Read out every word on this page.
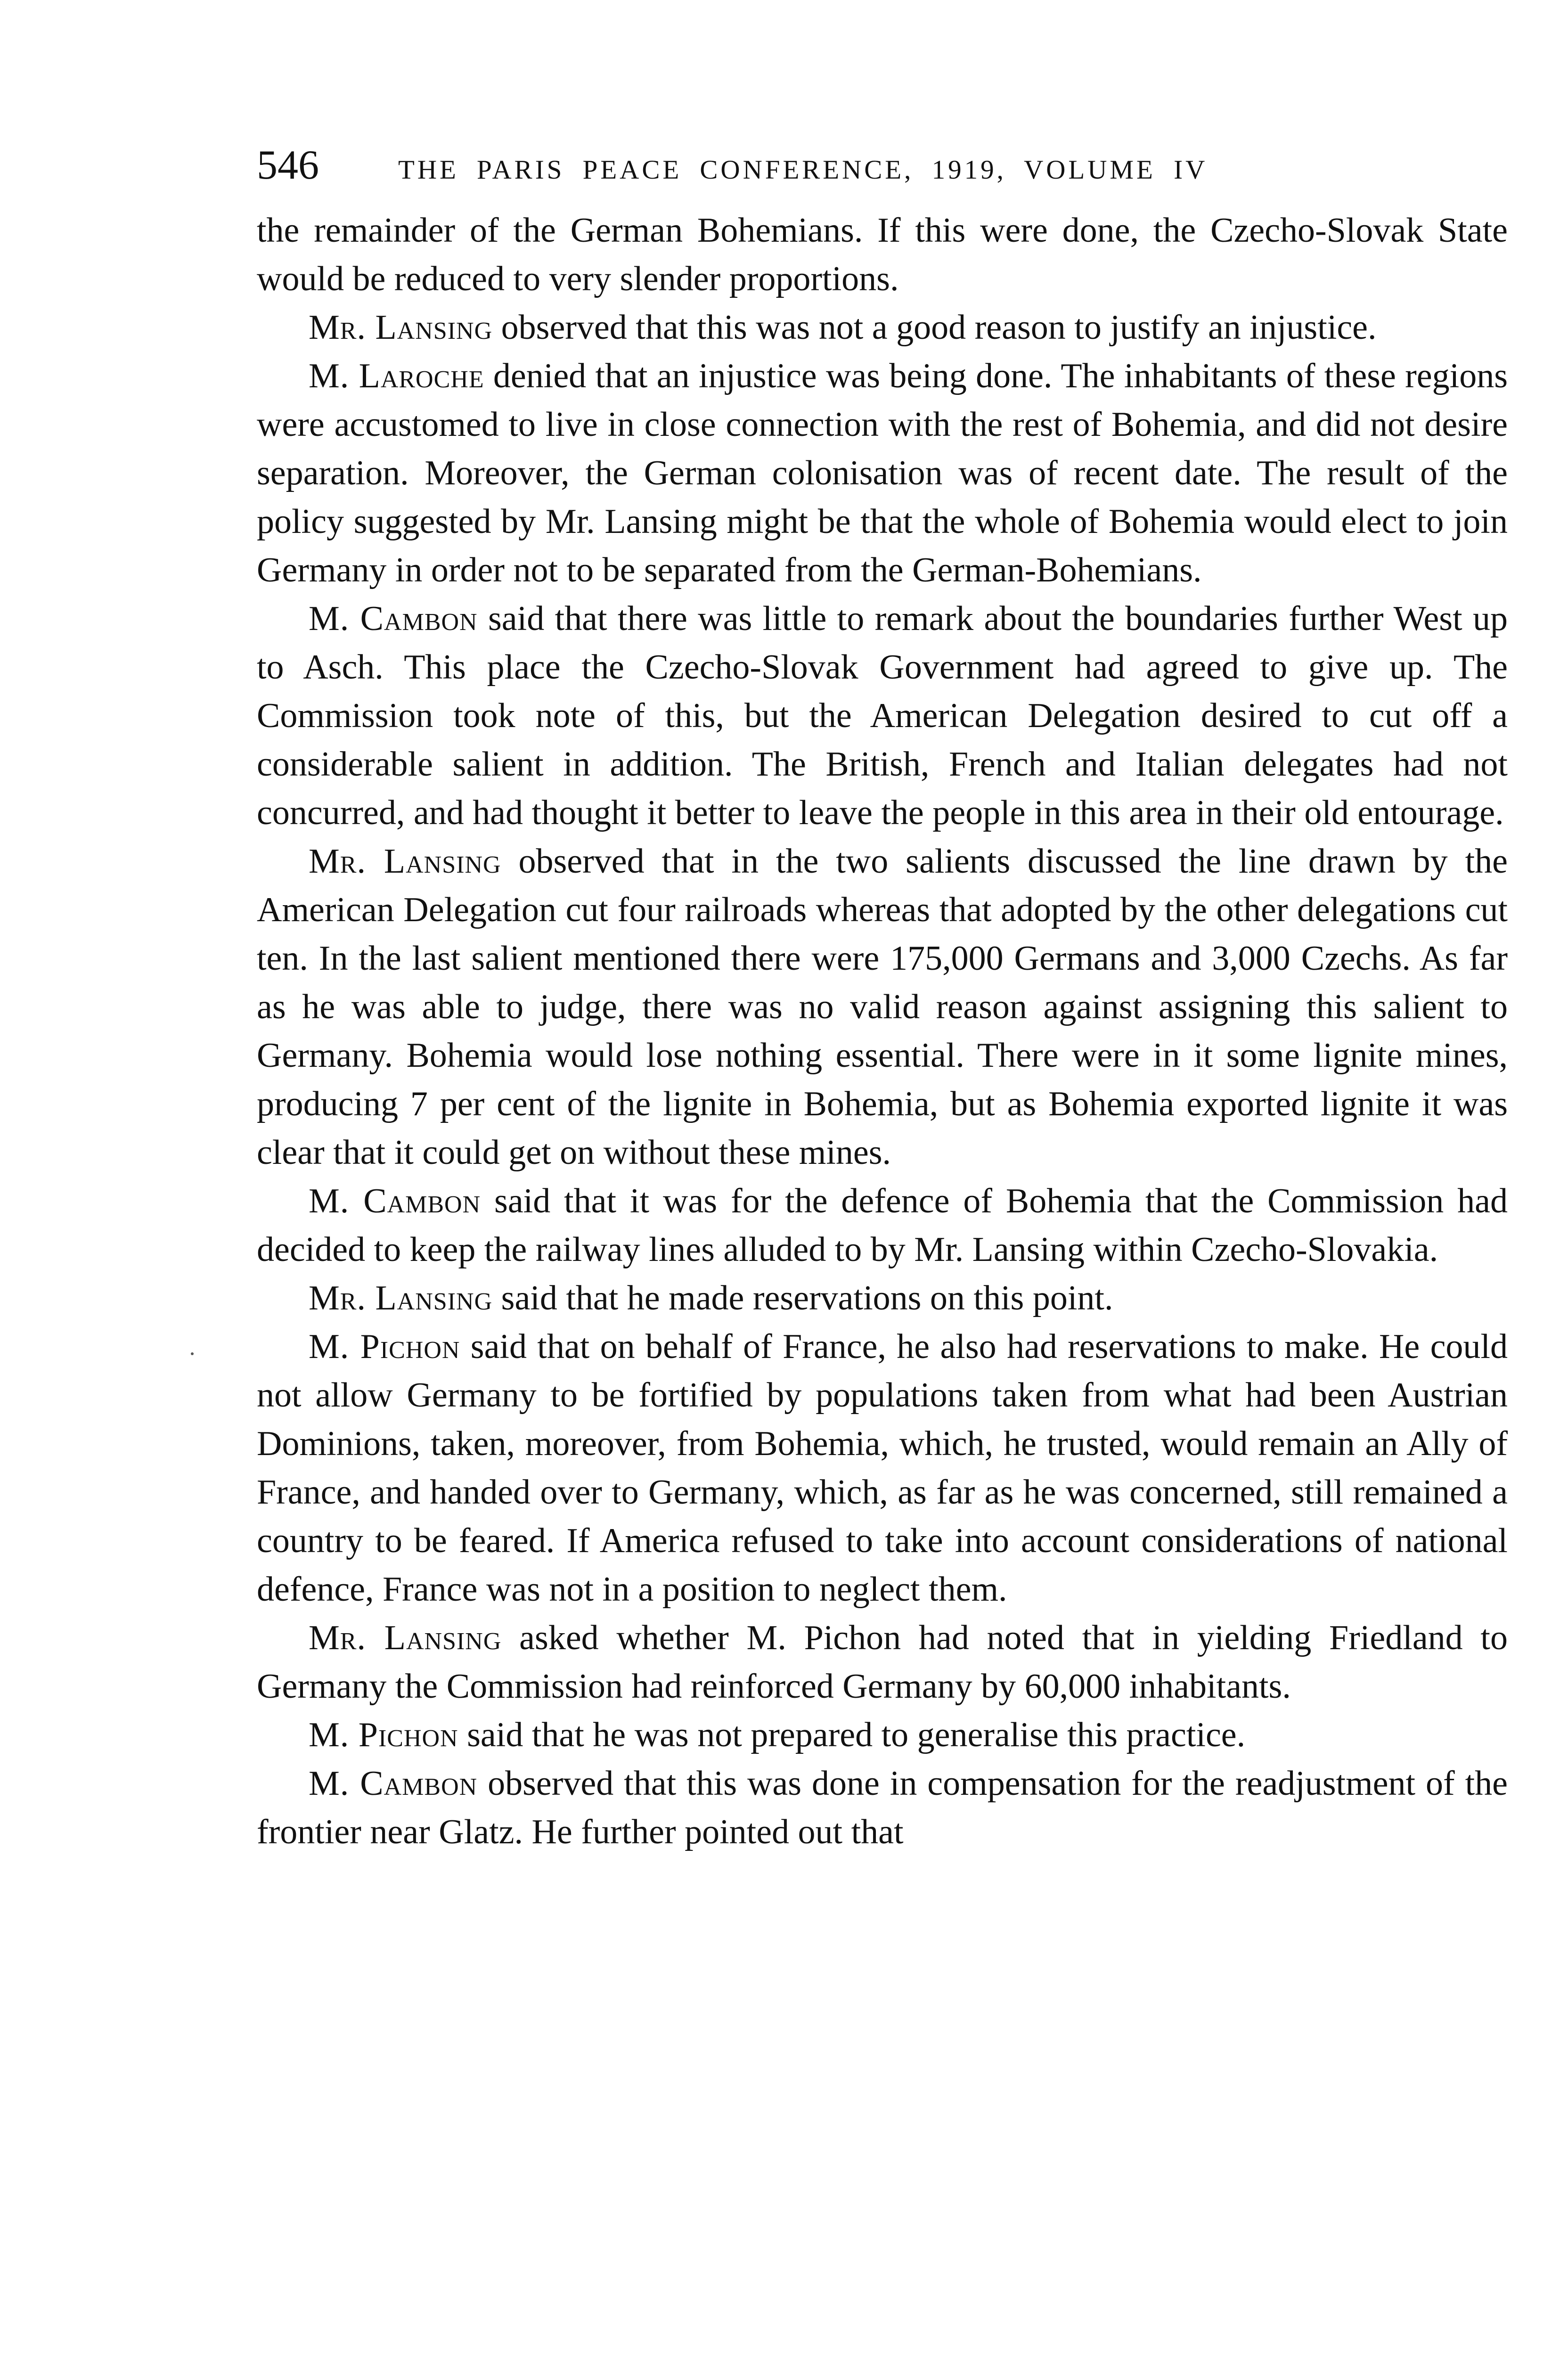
546	THE PARIS PEACE CONFERENCE, 1919, VOLUME IV

the remainder of the German Bohemians. If this were done, the Czecho-Slovak State would be reduced to very slender proportions.

Mr. Lansing observed that this was not a good reason to justify an injustice.

M. Laroche denied that an injustice was being done. The inhabitants of these regions were accustomed to live in close connection with the rest of Bohemia, and did not desire separation. Moreover, the German colonisation was of recent date. The result of the policy suggested by Mr. Lansing might be that the whole of Bohemia would elect to join Germany in order not to be separated from the German-Bohemians.

M. Cambon said that there was little to remark about the boundaries further West up to Asch. This place the Czecho-Slovak Government had agreed to give up. The Commission took note of this, but the American Delegation desired to cut off a considerable salient in addition. The British, French and Italian delegates had not concurred, and had thought it better to leave the people in this area in their old entourage.

Mr. Lansing observed that in the two salients discussed the line drawn by the American Delegation cut four railroads whereas that adopted by the other delegations cut ten. In the last salient mentioned there were 175,000 Germans and 3,000 Czechs. As far as he was able to judge, there was no valid reason against assigning this salient to Germany. Bohemia would lose nothing essential. There were in it some lignite mines, producing 7 per cent of the lignite in Bohemia, but as Bohemia exported lignite it was clear that it could get on without these mines.

M. Cambon said that it was for the defence of Bohemia that the Commission had decided to keep the railway lines alluded to by Mr. Lansing within Czecho-Slovakia.

Mr. Lansing said that he made reservations on this point.

M. Pichon said that on behalf of France, he also had reservations to make. He could not allow Germany to be fortified by populations taken from what had been Austrian Dominions, taken, moreover, from Bohemia, which, he trusted, would remain an Ally of France, and handed over to Germany, which, as far as he was concerned, still remained a country to be feared. If America refused to take into account considerations of national defence, France was not in a position to neglect them.

Mr. Lansing asked whether M. Pichon had noted that in yielding Friedland to Germany the Commission had reinforced Germany by 60,000 inhabitants.

M. Pichon said that he was not prepared to generalise this practice.

M. Cambon observed that this was done in compensation for the readjustment of the frontier near Glatz. He further pointed out that
